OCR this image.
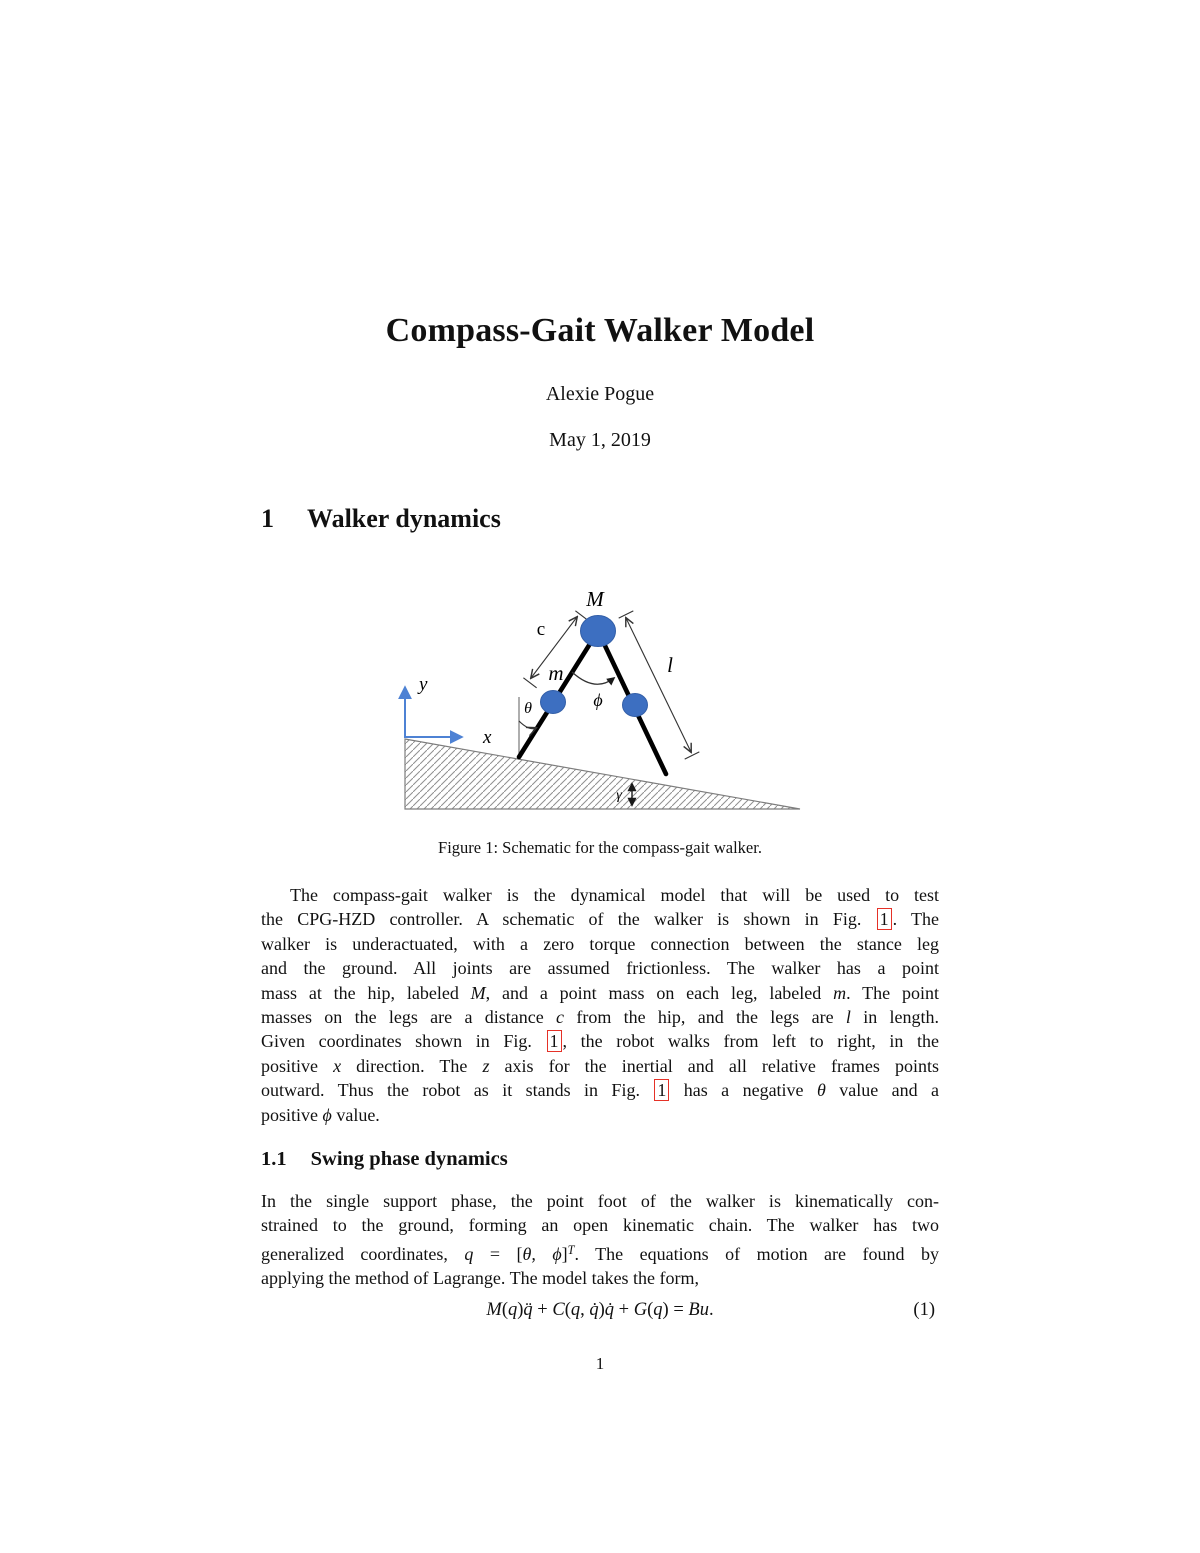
Compass-Gait Walker Model
Alexie Pogue
May 1, 2019
1 Walker dynamics
y
x
M
c
m	l
θ	ϕ
γ
Figure 1: Schematic for the compass-gait walker.
The compass-gait walker is the dynamical model that will be used to test
the CPG-HZD controller. A schematic of the walker is shown in Fig. 1 . The
walker is underactuated, with a zero torque connection between the stance leg
and the ground. All joints are assumed frictionless. The walker has a point
mass at the hip, labeled M, and a point mass on each leg, labeled m. The point
masses on the legs are a distance c from the hip, and the legs are l in length.
Given coordinates shown in Fig. 1 , the robot walks from left to right, in the
positive x direction. The z axis for the inertial and all relative frames points
outward. Thus the robot as it stands in Fig. 1 has a negative θ value and a
positive ϕ value.
1.1 Swing phase dynamics
In the single support phase, the point foot of the walker is kinematically con-
strained to the ground, forming an open kinematic chain. The walker has two
generalized coordinates, q = [θ, ϕ]$^T$. The equations of motion are found by
applying the method of Lagrange. The model takes the form,
M(q)q̈ + C(q, q̇)q̇ + G(q) = Bu.	(1)
1
